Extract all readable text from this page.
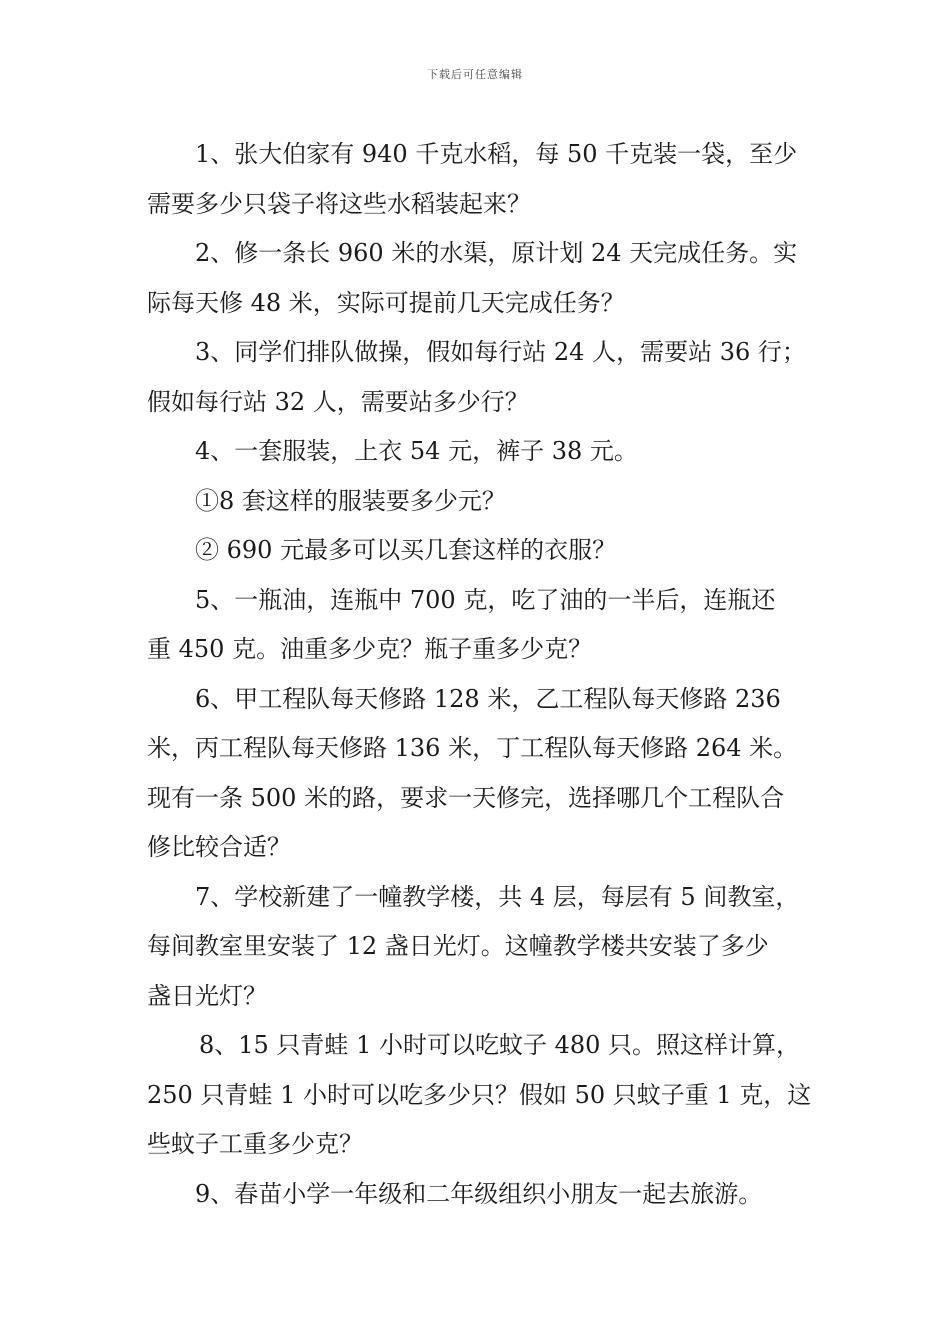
下载后可任意编辑
1、张大伯家有 940 千克水稻，每 50 千克装一袋，至少
需要多少只袋子将这些水稻装起来？
2、修一条长 960 米的水渠，原计划 24 天完成任务。实
际每天修 48 米，实际可提前几天完成任务？
3、同学们排队做操，假如每行站 24 人，需要站 36 行；
假如每行站 32 人，需要站多少行？
4、一套服装，上衣 54 元，裤子 38 元。
①8 套这样的服装要多少元？
② 690 元最多可以买几套这样的衣服？
5、一瓶油，连瓶中 700 克，吃了油的一半后，连瓶还
重 450 克。油重多少克？瓶子重多少克？
6、甲工程队每天修路 128 米，乙工程队每天修路 236
米，丙工程队每天修路 136 米，丁工程队每天修路 264 米。
现有一条 500 米的路，要求一天修完，选择哪几个工程队合
修比较合适？
7、学校新建了一幢教学楼，共 4 层，每层有 5 间教室，
每间教室里安装了 12 盏日光灯。这幢教学楼共安装了多少
盏日光灯？
8、15 只青蛙 1 小时可以吃蚊子 480 只。照这样计算，
250 只青蛙 1 小时可以吃多少只？假如 50 只蚊子重 1 克，这
些蚊子工重多少克？
9、春苗小学一年级和二年级组织小朋友一起去旅游。
